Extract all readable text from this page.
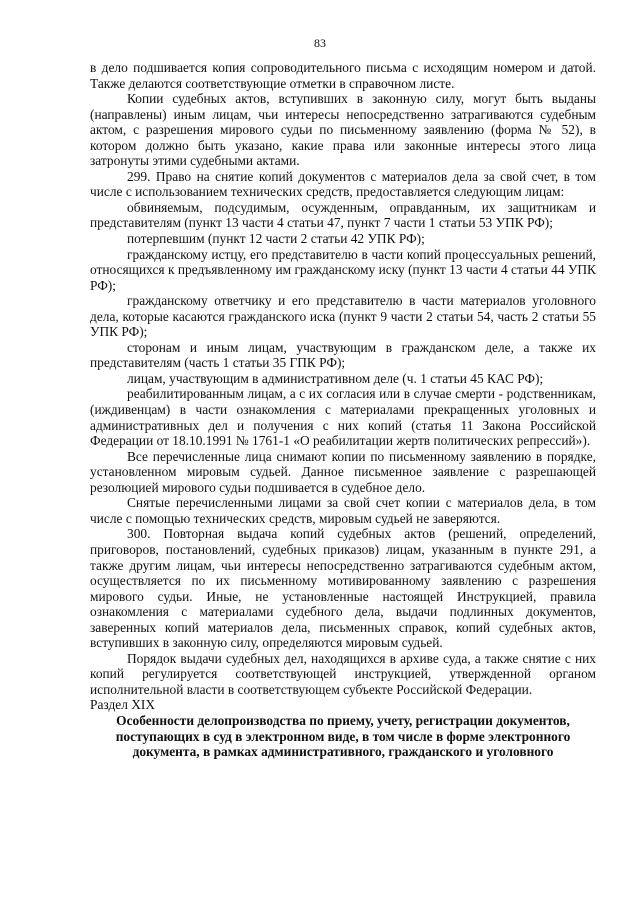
83

в дело подшивается копия сопроводительного письма с исходящим номером и датой. Также делаются соответствующие отметки в справочном листе.

Копии судебных актов, вступивших в законную силу, могут быть выданы (направлены) иным лицам, чьи интересы непосредственно затрагиваются судебным актом, с разрешения мирового судьи по письменному заявлению (форма № 52), в котором должно быть указано, какие права или законные интересы этого лица затронуты этими судебными актами.

299. Право на снятие копий документов с материалов дела за свой счет, в том числе с использованием технических средств, предоставляется следующим лицам:

обвиняемым, подсудимым, осужденным, оправданным, их защитникам и представителям (пункт 13 части 4 статьи 47, пункт 7 части 1 статьи 53 УПК РФ);

потерпевшим (пункт 12 части 2 статьи 42 УПК РФ);

гражданскому истцу, его представителю в части копий процессуальных решений, относящихся к предъявленному им гражданскому иску (пункт 13 части 4 статьи 44 УПК РФ);

гражданскому ответчику и его представителю в части материалов уголовного дела, которые касаются гражданского иска (пункт 9 части 2 статьи 54, часть 2 статьи 55 УПК РФ);

сторонам и иным лицам, участвующим в гражданском деле, а также их представителям (часть 1 статьи 35 ГПК РФ);

лицам, участвующим в административном деле (ч. 1 статьи 45 КАС РФ);

реабилитированным лицам, а с их согласия или в случае смерти - родственникам, (иждивенцам) в части ознакомления с материалами прекращенных уголовных и административных дел и получения с них копий (статья 11 Закона Российской Федерации от 18.10.1991 № 1761-1 «О реабилитации жертв политических репрессий»).

Все перечисленные лица снимают копии по письменному заявлению в порядке, установленном мировым судьей. Данное письменное заявление с разрешающей резолюцией мирового судьи подшивается в судебное дело.

Снятые перечисленными лицами за свой счет копии с материалов дела, в том числе с помощью технических средств, мировым судьей не заверяются.

300. Повторная выдача копий судебных актов (решений, определений, приговоров, постановлений, судебных приказов) лицам, указанным в пункте 291, а также другим лицам, чьи интересы непосредственно затрагиваются судебным актом, осуществляется по их письменному мотивированному заявлению с разрешения мирового судьи. Иные, не установленные настоящей Инструкцией, правила ознакомления с материалами судебного дела, выдачи подлинных документов, заверенных копий материалов дела, письменных справок, копий судебных актов, вступивших в законную силу, определяются мировым судьей.

Порядок выдачи судебных дел, находящихся в архиве суда, а также снятие с них копий регулируется соответствующей инструкцией, утвержденной органом исполнительной власти в соответствующем субъекте Российской Федерации.

Раздел XIX

Особенности делопроизводства по приему, учету, регистрации документов, поступающих в суд в электронном виде, в том числе в форме электронного документа, в рамках административного, гражданского и уголовного
